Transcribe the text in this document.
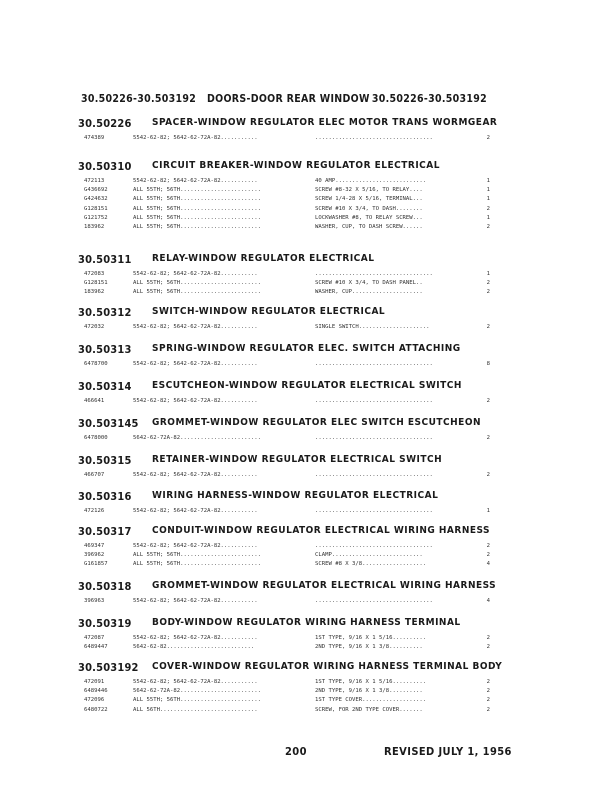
30.50226-30.503192 DOORS-DOOR REAR WINDOW 30.50226-30.503192
30.50226 SPACER-WINDOW REGULATOR ELEC MOTOR TRANS WORMGEAR
474389	5542-62-82; 5642-62-72A-82...........	...................................	2
30.50310 CIRCUIT BREAKER-WINDOW REGULATOR ELECTRICAL
472113	5542-62-82; 5642-62-72A-82...........	40 AMP...........................	1
G436692	ALL 55TH; 56TH........................	SCREW #8-32 X 5/16, TO RELAY....	1
G424632	ALL 55TH; 56TH........................	SCREW 1/4-28 X 5/16, TERMINAL...	1
G128151	ALL 55TH; 56TH........................	SCREW #10 X 3/4, TO DASH........	2
G121752	ALL 55TH; 56TH........................	LOCKWASHER #8, TO RELAY SCREW...	1
183962	ALL 55TH; 56TH........................	WASHER, CUP, TO DASH SCREW......	2
30.50311 RELAY-WINDOW REGULATOR ELECTRICAL
472083	5542-62-82; 5642-62-72A-82...........	...................................	1
G128151	ALL 55TH; 56TH........................	SCREW #10 X 3/4, TO DASH PANEL..	2
183962	ALL 55TH; 56TH........................	WASHER, CUP.....................	2
30.50312 SWITCH-WINDOW REGULATOR ELECTRICAL
472032	5542-62-82; 5642-62-72A-82...........	SINGLE SWITCH.....................	2
30.50313 SPRING-WINDOW REGULATOR ELEC. SWITCH ATTACHING
6478700	5542-62-82; 5642-62-72A-82...........	...................................	8
30.50314 ESCUTCHEON-WINDOW REGULATOR ELECTRICAL SWITCH
466641	5542-62-82; 5642-62-72A-82...........	...................................	2
30.503145 GROMMET-WINDOW REGULATOR ELEC SWITCH ESCUTCHEON
6478000	5642-62-72A-82........................	...................................	2
30.50315 RETAINER-WINDOW REGULATOR ELECTRICAL SWITCH
466707	5542-62-82; 5642-62-72A-82...........	...................................	2
30.50316 WIRING HARNESS-WINDOW REGULATOR ELECTRICAL
472126	5542-62-82; 5642-62-72A-82...........	...................................	1
30.50317 CONDUIT-WINDOW REGULATOR ELECTRICAL WIRING HARNESS
469347	5542-62-82; 5642-62-72A-82...........	...................................	2
396962	ALL 55TH; 56TH........................	CLAMP...........................	2
G161857	ALL 55TH; 56TH........................	SCREW #8 X 3/8...................	4
30.50318 GROMMET-WINDOW REGULATOR ELECTRICAL WIRING HARNESS
396963	5542-62-82; 5642-62-72A-82...........	...................................	4
30.50319 BODY-WINDOW REGULATOR WIRING HARNESS TERMINAL
472087	5542-62-82; 5642-62-72A-82...........	1ST TYPE, 9/16 X 1 5/16..........	2
6489447	5642-62-82..........................	2ND TYPE, 9/16 X 1 3/8..........	2
30.503192 COVER-WINDOW REGULATOR WIRING HARNESS TERMINAL BODY
472091	5542-62-82; 5642-62-72A-82...........	1ST TYPE, 9/16 X 1 5/16..........	2
6489446	5642-62-72A-82........................	2ND TYPE, 9/16 X 1 3/8..........	2
472096	ALL 55TH; 56TH........................	1ST TYPE COVER...................	2
6480722	ALL 56TH.............................	SCREW, FOR 2ND TYPE COVER.......	2
200	REVISED JULY 1, 1956
